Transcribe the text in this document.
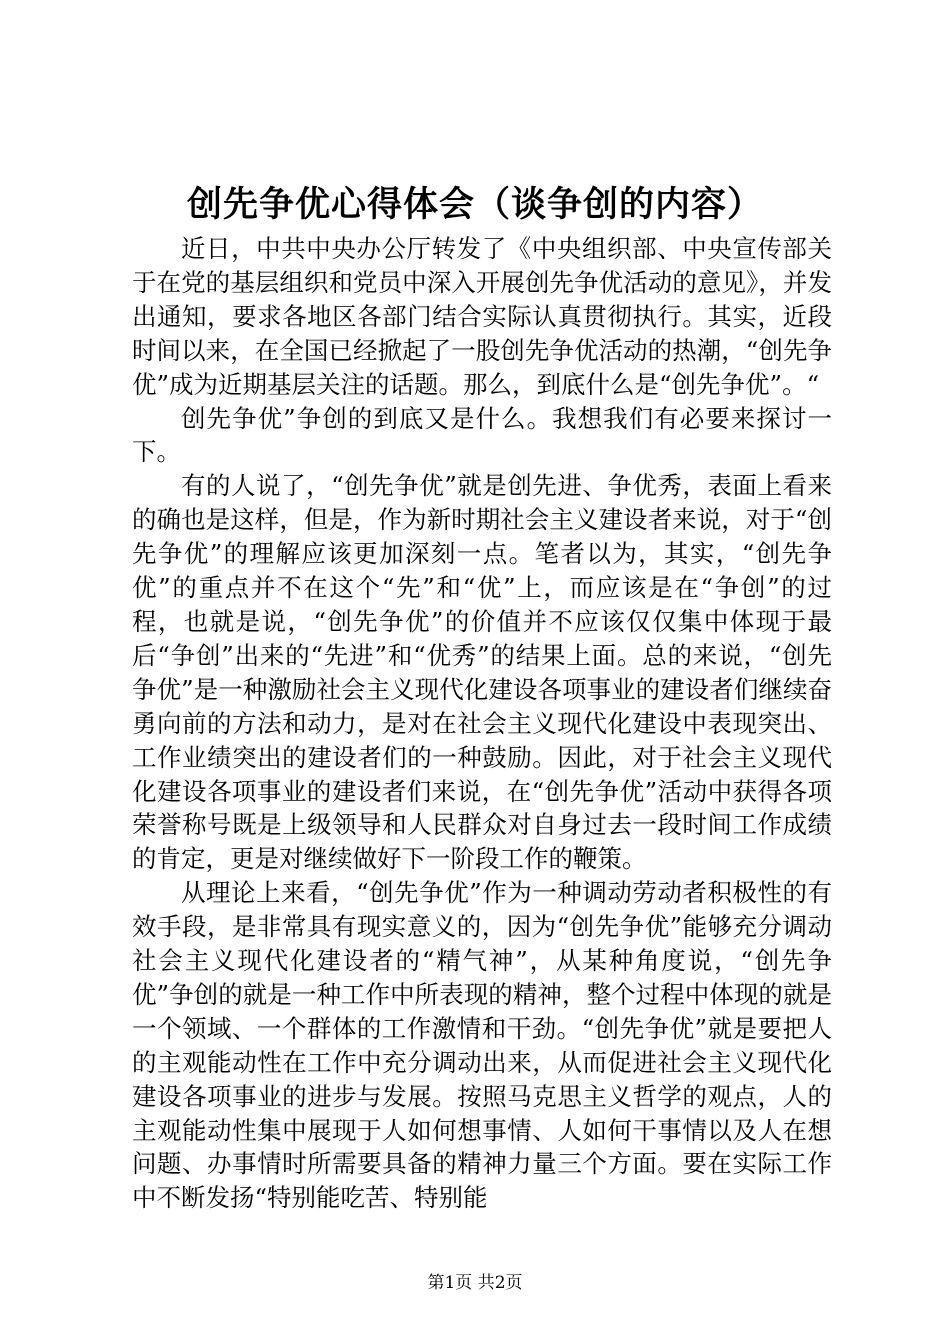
创先争优心得体会（谈争创的内容）

近日，中共中央办公厅转发了《中央组织部、中央宣传部关于在党的基层组织和党员中深入开展创先争优活动的意见》，并发出通知，要求各地区各部门结合实际认真贯彻执行。其实，近段时间以来，在全国已经掀起了一股创先争优活动的热潮，“创先争优”成为近期基层关注的话题。那么，到底什么是“创先争优”。“

创先争优”争创的到底又是什么。我想我们有必要来探讨一下。

有的人说了，“创先争优”就是创先进、争优秀，表面上看来的确也是这样，但是，作为新时期社会主义建设者来说，对于“创先争优”的理解应该更加深刻一点。笔者以为，其实，“创先争优”的重点并不在这个“先”和“优”上，而应该是在“争创”的过程，也就是说，“创先争优”的价值并不应该仅仅集中体现于最后“争创”出来的“先进”和“优秀”的结果上面。总的来说，“创先争优”是一种激励社会主义现代化建设各项事业的建设者们继续奋勇向前的方法和动力，是对在社会主义现代化建设中表现突出、工作业绩突出的建设者们的一种鼓励。因此，对于社会主义现代化建设各项事业的建设者们来说，在“创先争优”活动中获得各项荣誉称号既是上级领导和人民群众对自身过去一段时间工作成绩的肯定，更是对继续做好下一阶段工作的鞭策。

从理论上来看，“创先争优”作为一种调动劳动者积极性的有效手段，是非常具有现实意义的，因为“创先争优”能够充分调动社会主义现代化建设者的“精气神”，从某种角度说，“创先争优”争创的就是一种工作中所表现的精神，整个过程中体现的就是一个领域、一个群体的工作激情和干劲。“创先争优”就是要把人的主观能动性在工作中充分调动出来，从而促进社会主义现代化建设各项事业的进步与发展。按照马克思主义哲学的观点，人的主观能动性集中展现于人如何想事情、人如何干事情以及人在想问题、办事情时所需要具备的精神力量三个方面。要在实际工作中不断发扬“特别能吃苦、特别能

第1页 共2页
